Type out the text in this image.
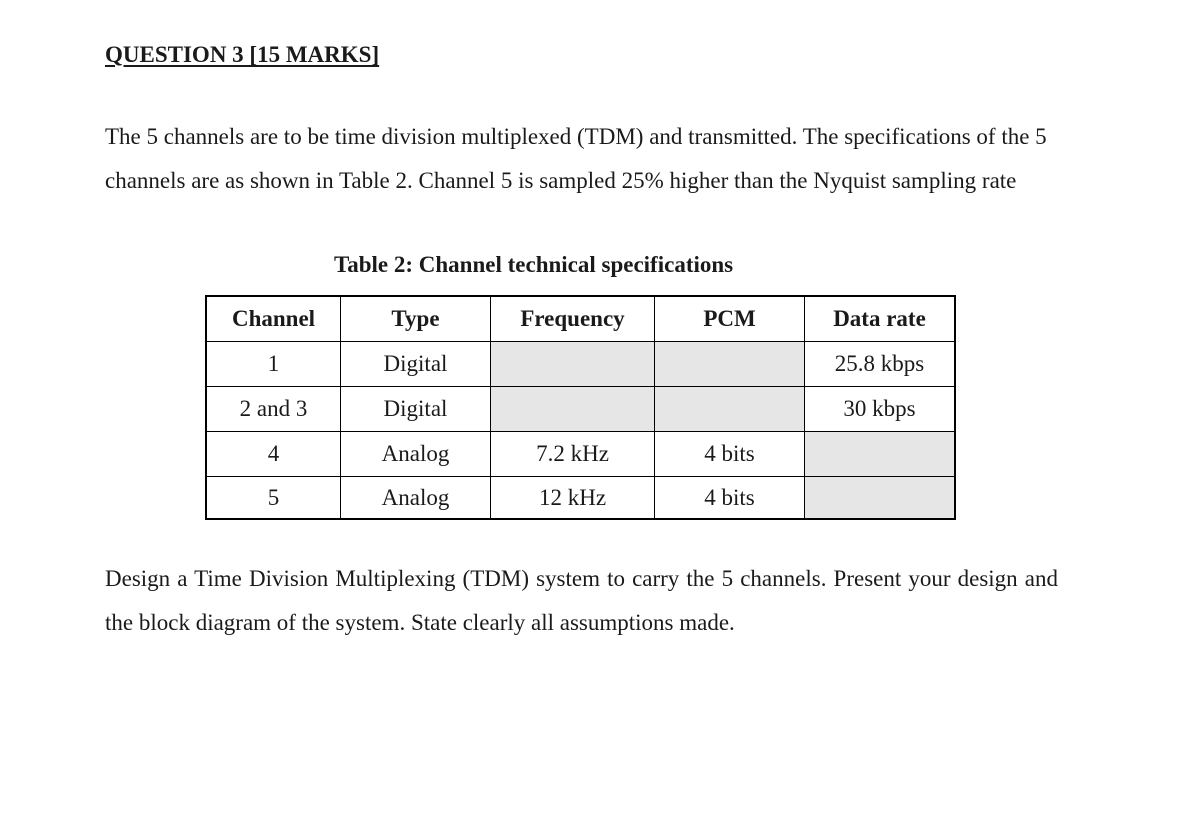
QUESTION 3 [15 MARKS]

The 5 channels are to be time division multiplexed (TDM) and transmitted. The specifications of the 5 channels are as shown in Table 2. Channel 5 is sampled 25% higher than the Nyquist sampling rate

Table 2: Channel technical specifications

Channel	Type	Frequency	PCM	Data rate
1	Digital			25.8 kbps
2 and 3	Digital			30 kbps
4	Analog	7.2 kHz	4 bits	
5	Analog	12 kHz	4 bits	

Design a Time Division Multiplexing (TDM) system to carry the 5 channels. Present your design and the block diagram of the system. State clearly all assumptions made.
